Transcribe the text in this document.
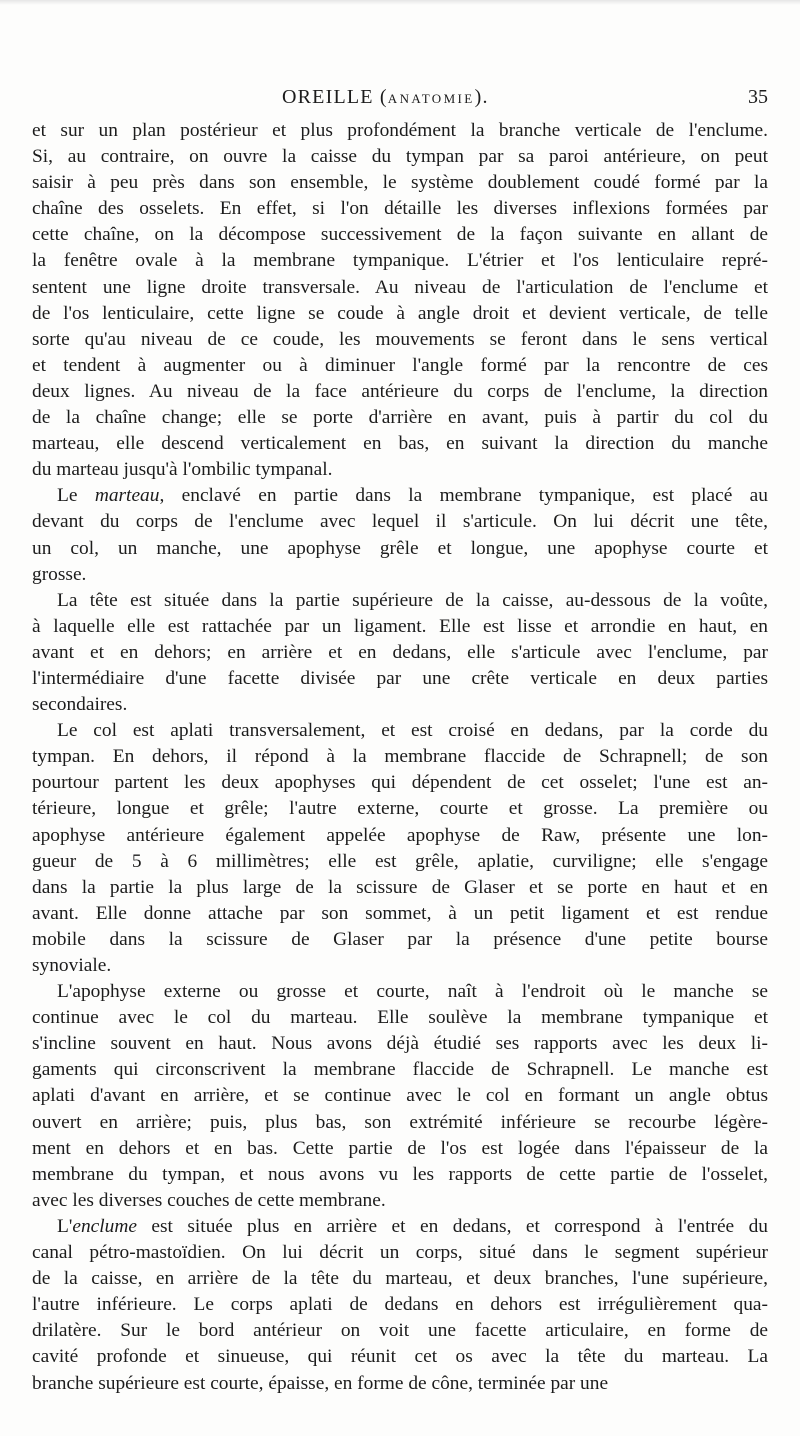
OREILLE (ANATOMIE).	35
et sur un plan postérieur et plus profondément la branche verticale de l'enclume.
Si, au contraire, on ouvre la caisse du tympan par sa paroi antérieure, on peut
saisir à peu près dans son ensemble, le système doublement coudé formé par la
chaîne des osselets. En effet, si l'on détaille les diverses inflexions formées par
cette chaîne, on la décompose successivement de la façon suivante en allant de
la fenêtre ovale à la membrane tympanique. L'étrier et l'os lenticulaire repré-
sentent une ligne droite transversale. Au niveau de l'articulation de l'enclume et
de l'os lenticulaire, cette ligne se coude à angle droit et devient verticale, de telle
sorte qu'au niveau de ce coude, les mouvements se feront dans le sens vertical
et tendent à augmenter ou à diminuer l'angle formé par la rencontre de ces
deux lignes. Au niveau de la face antérieure du corps de l'enclume, la direction
de la chaîne change; elle se porte d'arrière en avant, puis à partir du col du
marteau, elle descend verticalement en bas, en suivant la direction du manche
du marteau jusqu'à l'ombilic tympanal.
Le marteau, enclavé en partie dans la membrane tympanique, est placé au
devant du corps de l'enclume avec lequel il s'articule. On lui décrit une tête,
un col, un manche, une apophyse grêle et longue, une apophyse courte et
grosse.
La tête est située dans la partie supérieure de la caisse, au-dessous de la voûte,
à laquelle elle est rattachée par un ligament. Elle est lisse et arrondie en haut, en
avant et en dehors; en arrière et en dedans, elle s'articule avec l'enclume, par
l'intermédiaire d'une facette divisée par une crête verticale en deux parties
secondaires.
Le col est aplati transversalement, et est croisé en dedans, par la corde du
tympan. En dehors, il répond à la membrane flaccide de Schrapnell; de son
pourtour partent les deux apophyses qui dépendent de cet osselet; l'une est an-
térieure, longue et grêle; l'autre externe, courte et grosse. La première ou
apophyse antérieure également appelée apophyse de Raw, présente une lon-
gueur de 5 à 6 millimètres; elle est grêle, aplatie, curviligne; elle s'engage
dans la partie la plus large de la scissure de Glaser et se porte en haut et en
avant. Elle donne attache par son sommet, à un petit ligament et est rendue
mobile dans la scissure de Glaser par la présence d'une petite bourse
synoviale.
L'apophyse externe ou grosse et courte, naît à l'endroit où le manche se
continue avec le col du marteau. Elle soulève la membrane tympanique et
s'incline souvent en haut. Nous avons déjà étudié ses rapports avec les deux li-
gaments qui circonscrivent la membrane flaccide de Schrapnell. Le manche est
aplati d'avant en arrière, et se continue avec le col en formant un angle obtus
ouvert en arrière; puis, plus bas, son extrémité inférieure se recourbe légère-
ment en dehors et en bas. Cette partie de l'os est logée dans l'épaisseur de la
membrane du tympan, et nous avons vu les rapports de cette partie de l'osselet,
avec les diverses couches de cette membrane.
L'enclume est située plus en arrière et en dedans, et correspond à l'entrée du
canal pétro-mastoïdien. On lui décrit un corps, situé dans le segment supérieur
de la caisse, en arrière de la tête du marteau, et deux branches, l'une supérieure,
l'autre inférieure. Le corps aplati de dedans en dehors est irrégulièrement qua-
drilatère. Sur le bord antérieur on voit une facette articulaire, en forme de
cavité profonde et sinueuse, qui réunit cet os avec la tête du marteau. La
branche supérieure est courte, épaisse, en forme de cône, terminée par une
